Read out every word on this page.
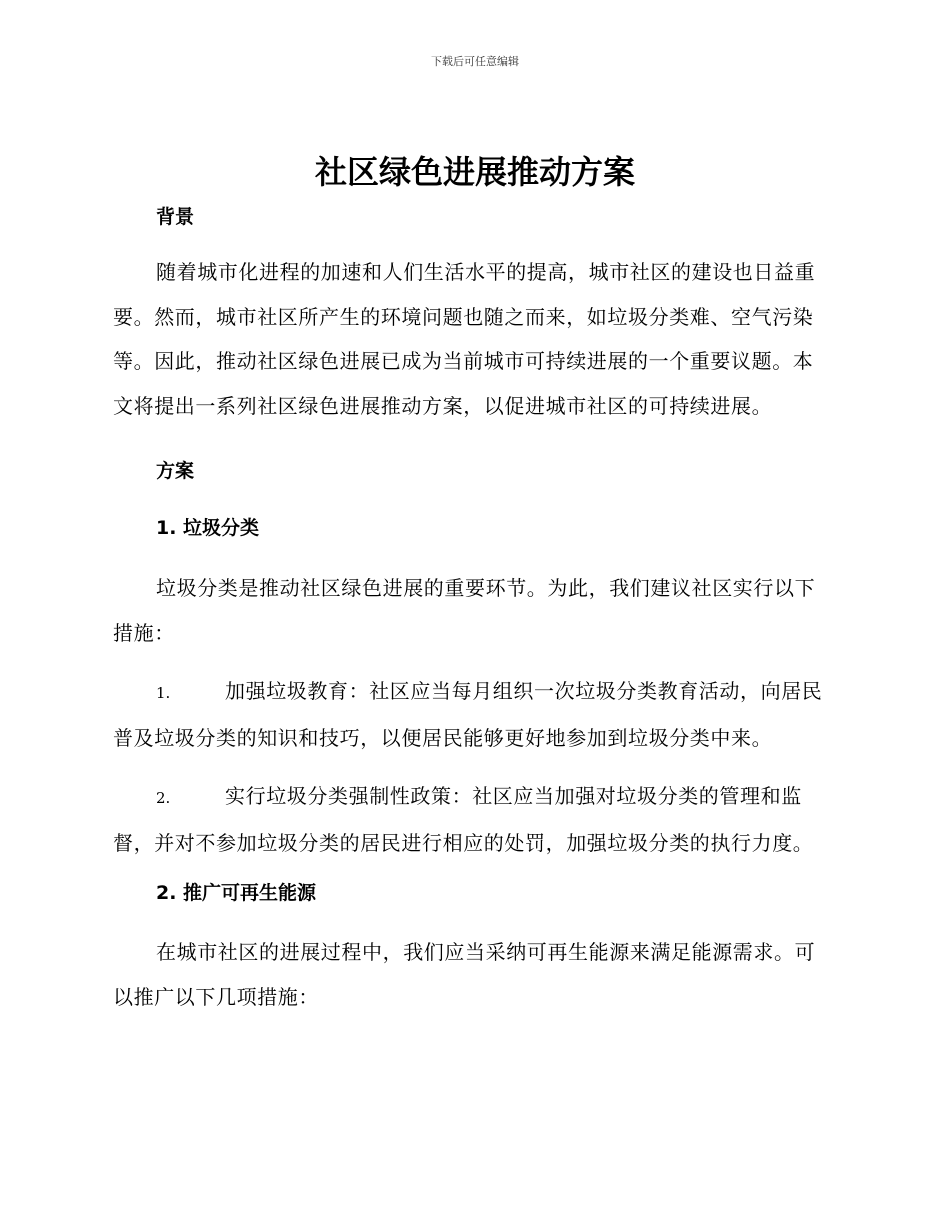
下载后可任意编辑
社区绿色进展推动方案
背景

随着城市化进程的加速和人们生活水平的提高，城市社区的建设也日益重要。然而，城市社区所产生的环境问题也随之而来，如垃圾分类难、空气污染等。因此，推动社区绿色进展已成为当前城市可持续进展的一个重要议题。本文将提出一系列社区绿色进展推动方案，以促进城市社区的可持续进展。

方案
1. 垃圾分类

垃圾分类是推动社区绿色进展的重要环节。为此，我们建议社区实行以下措施：

1.	加强垃圾教育：社区应当每月组织一次垃圾分类教育活动，向居民普及垃圾分类的知识和技巧，以便居民能够更好地参加到垃圾分类中来。

2.	实行垃圾分类强制性政策：社区应当加强对垃圾分类的管理和监督，并对不参加垃圾分类的居民进行相应的处罚，加强垃圾分类的执行力度。

2. 推广可再生能源

在城市社区的进展过程中，我们应当采纳可再生能源来满足能源需求。可以推广以下几项措施：
